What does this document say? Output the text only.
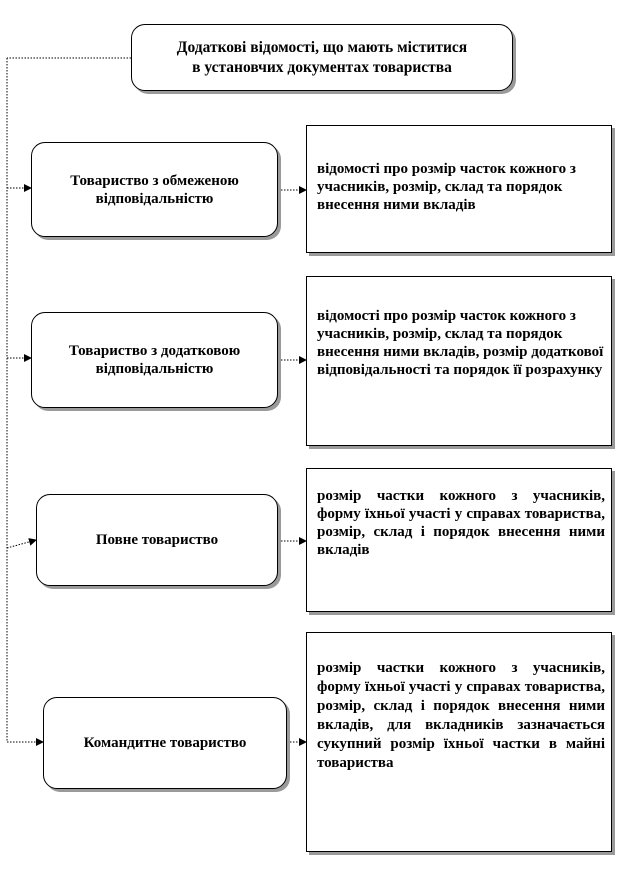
Додаткові відомості, що мають міститися
в установчих документах товариства
Товариство з обмеженою відповідальністю
відомості про розмір часток кожного з учасників, розмір, склад та порядок внесення ними вкладів
Товариство з додатковою відповідальністю
відомості про розмір часток кожного з учасників, розмір, склад та порядок внесення ними вкладів, розмір додаткової відповідальності та порядок її розрахунку
Повне товариство
розмір частки кожного з учасників, форму їхньої участі у справах товариства, розмір, склад і порядок внесення ними вкладів
Командитне товариство
розмір частки кожного з учасників, форму їхньої участі у справах товариства, розмір, склад і порядок внесення ними вкладів, для вкладників зазначається сукупний розмір їхньої частки в майні товариства
